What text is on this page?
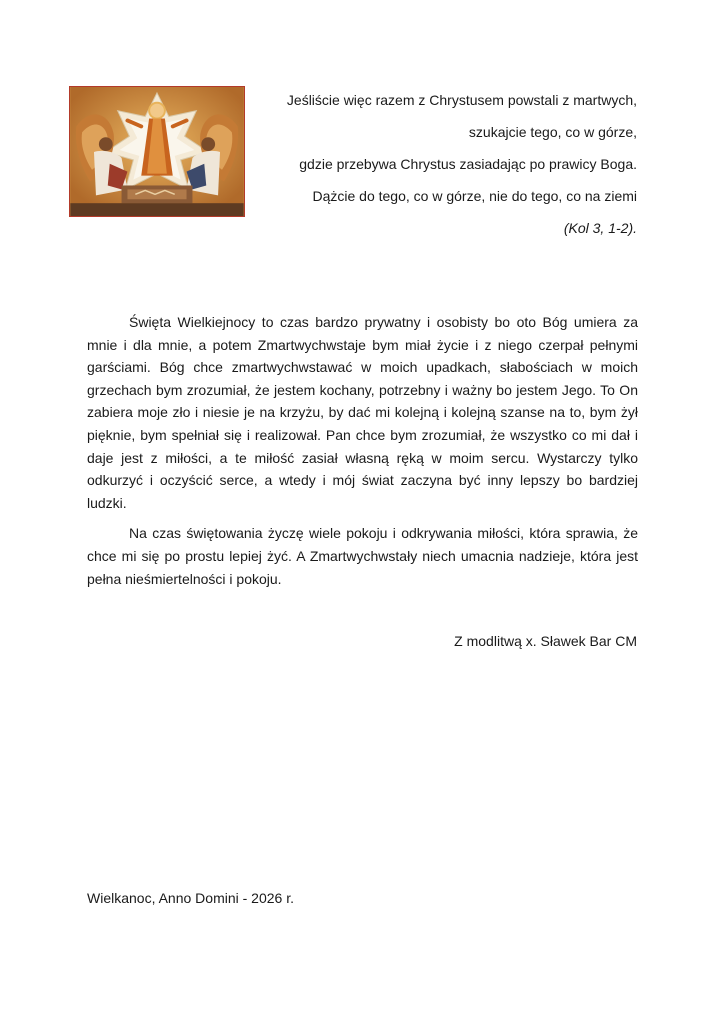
Jeśliście więc razem z Chrystusem powstali z martwych,
szukajcie tego, co w górze,
gdzie przebywa Chrystus zasiadając po prawicy Boga.
Dążcie do tego, co w górze, nie do tego, co na ziemi
(Kol 3, 1-2).

Święta Wielkiejnocy to czas bardzo prywatny i osobisty bo oto Bóg umiera za mnie i dla mnie, a potem Zmartwychwstaje bym miał życie i z niego czerpał pełnymi garściami. Bóg chce zmartwychwstawać w moich upadkach, słabościach w moich grzechach bym zrozumiał, że jestem kochany, potrzebny i ważny bo jestem Jego. To On zabiera moje zło i niesie je na krzyżu, by dać mi kolejną i kolejną szanse na to, bym żył pięknie, bym spełniał się i realizował. Pan chce bym zrozumiał, że wszystko co mi dał i daje jest z miłości, a te miłość zasiał własną ręką w moim sercu. Wystarczy tylko odkurzyć i oczyścić serce, a wtedy i mój świat zaczyna być inny lepszy bo bardziej ludzki.

Na czas świętowania życzę wiele pokoju i odkrywania miłości, która sprawia, że chce mi się po prostu lepiej żyć. A Zmartwychwstały niech umacnia nadzieje, która jest pełna nieśmiertelności i pokoju.

Z modlitwą x. Sławek Bar CM
Wielkanoc, Anno Domini - 2026 r.
